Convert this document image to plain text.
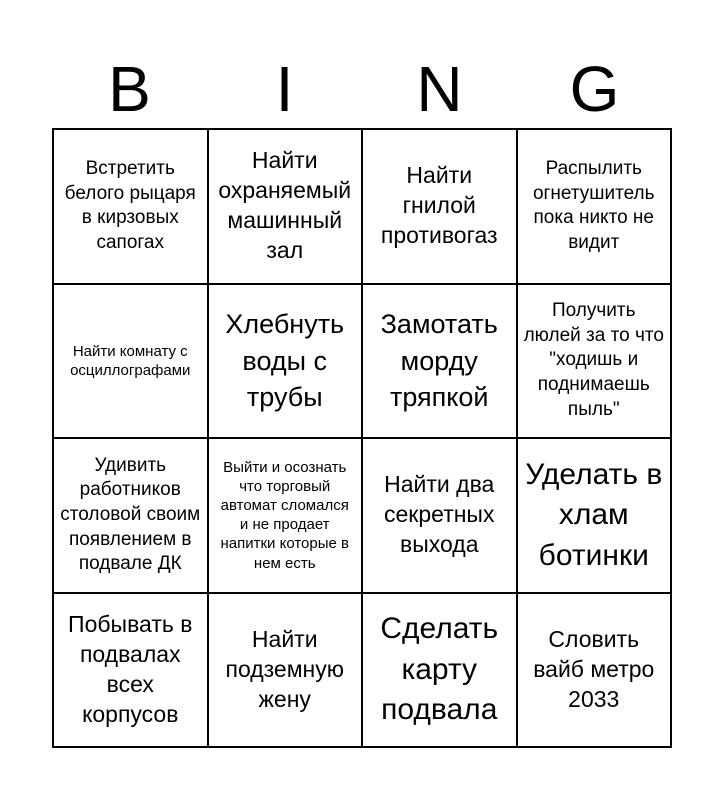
B	I	N	G
Встретить белого рыцаря в кирзовых сапогах
Найти охраняемый машинный зал
Найти гнилой противогаз
Распылить огнетушитель пока никто не видит
Найти комнату с осциллографами
Хлебнуть воды с трубы
Замотать морду тряпкой
Получить люлей за то что "ходишь и поднимаешь пыль"
Удивить работников столовой своим появлением в подвале ДК
Выйти и осознать что торговый автомат сломался и не продает напитки которые в нем есть
Найти два секретных выхода
Уделать в хлам ботинки
Побывать в подвалах всех корпусов
Найти подземную жену
Сделать карту подвала
Словить вайб метро 2033
